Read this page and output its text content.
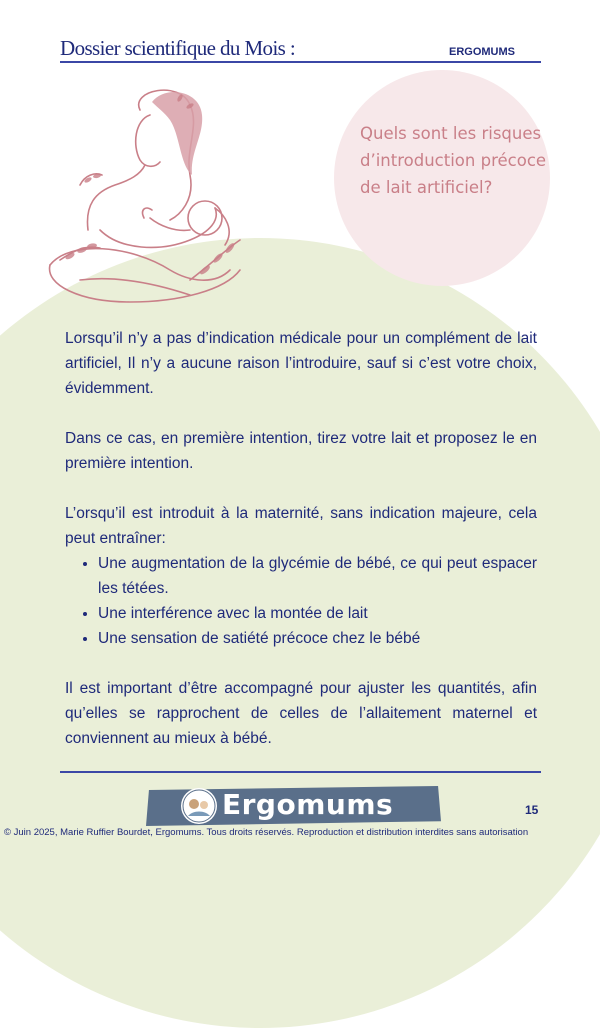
Dossier scientifique du Mois :	ERGOMUMS
Quels sont les risques d’introduction précoce de lait artificiel?

Lorsqu’il n’y a pas d’indication médicale pour un complément de lait artificiel, Il n’y a aucune raison l’introduire, sauf si c’est votre choix, évidemment.

Dans ce cas, en première intention, tirez votre lait et proposez le en première intention.

L’orsqu’il est introduit à la maternité, sans indication majeure, cela peut entraîner:

• Une augmentation de la glycémie de bébé, ce qui peut espacer les tétées.
• Une interférence avec la montée de lait
• Une sensation de satiété précoce chez le bébé

Il est important d’être accompagné pour ajuster les quantités, afin qu’elles se rapprochent de celles de l’allaitement maternel et conviennent au mieux à bébé.

Ergomums	15
© Juin 2025, Marie Ruffier Bourdet, Ergomums. Tous droits réservés. Reproduction et distribution interdites sans autorisation
